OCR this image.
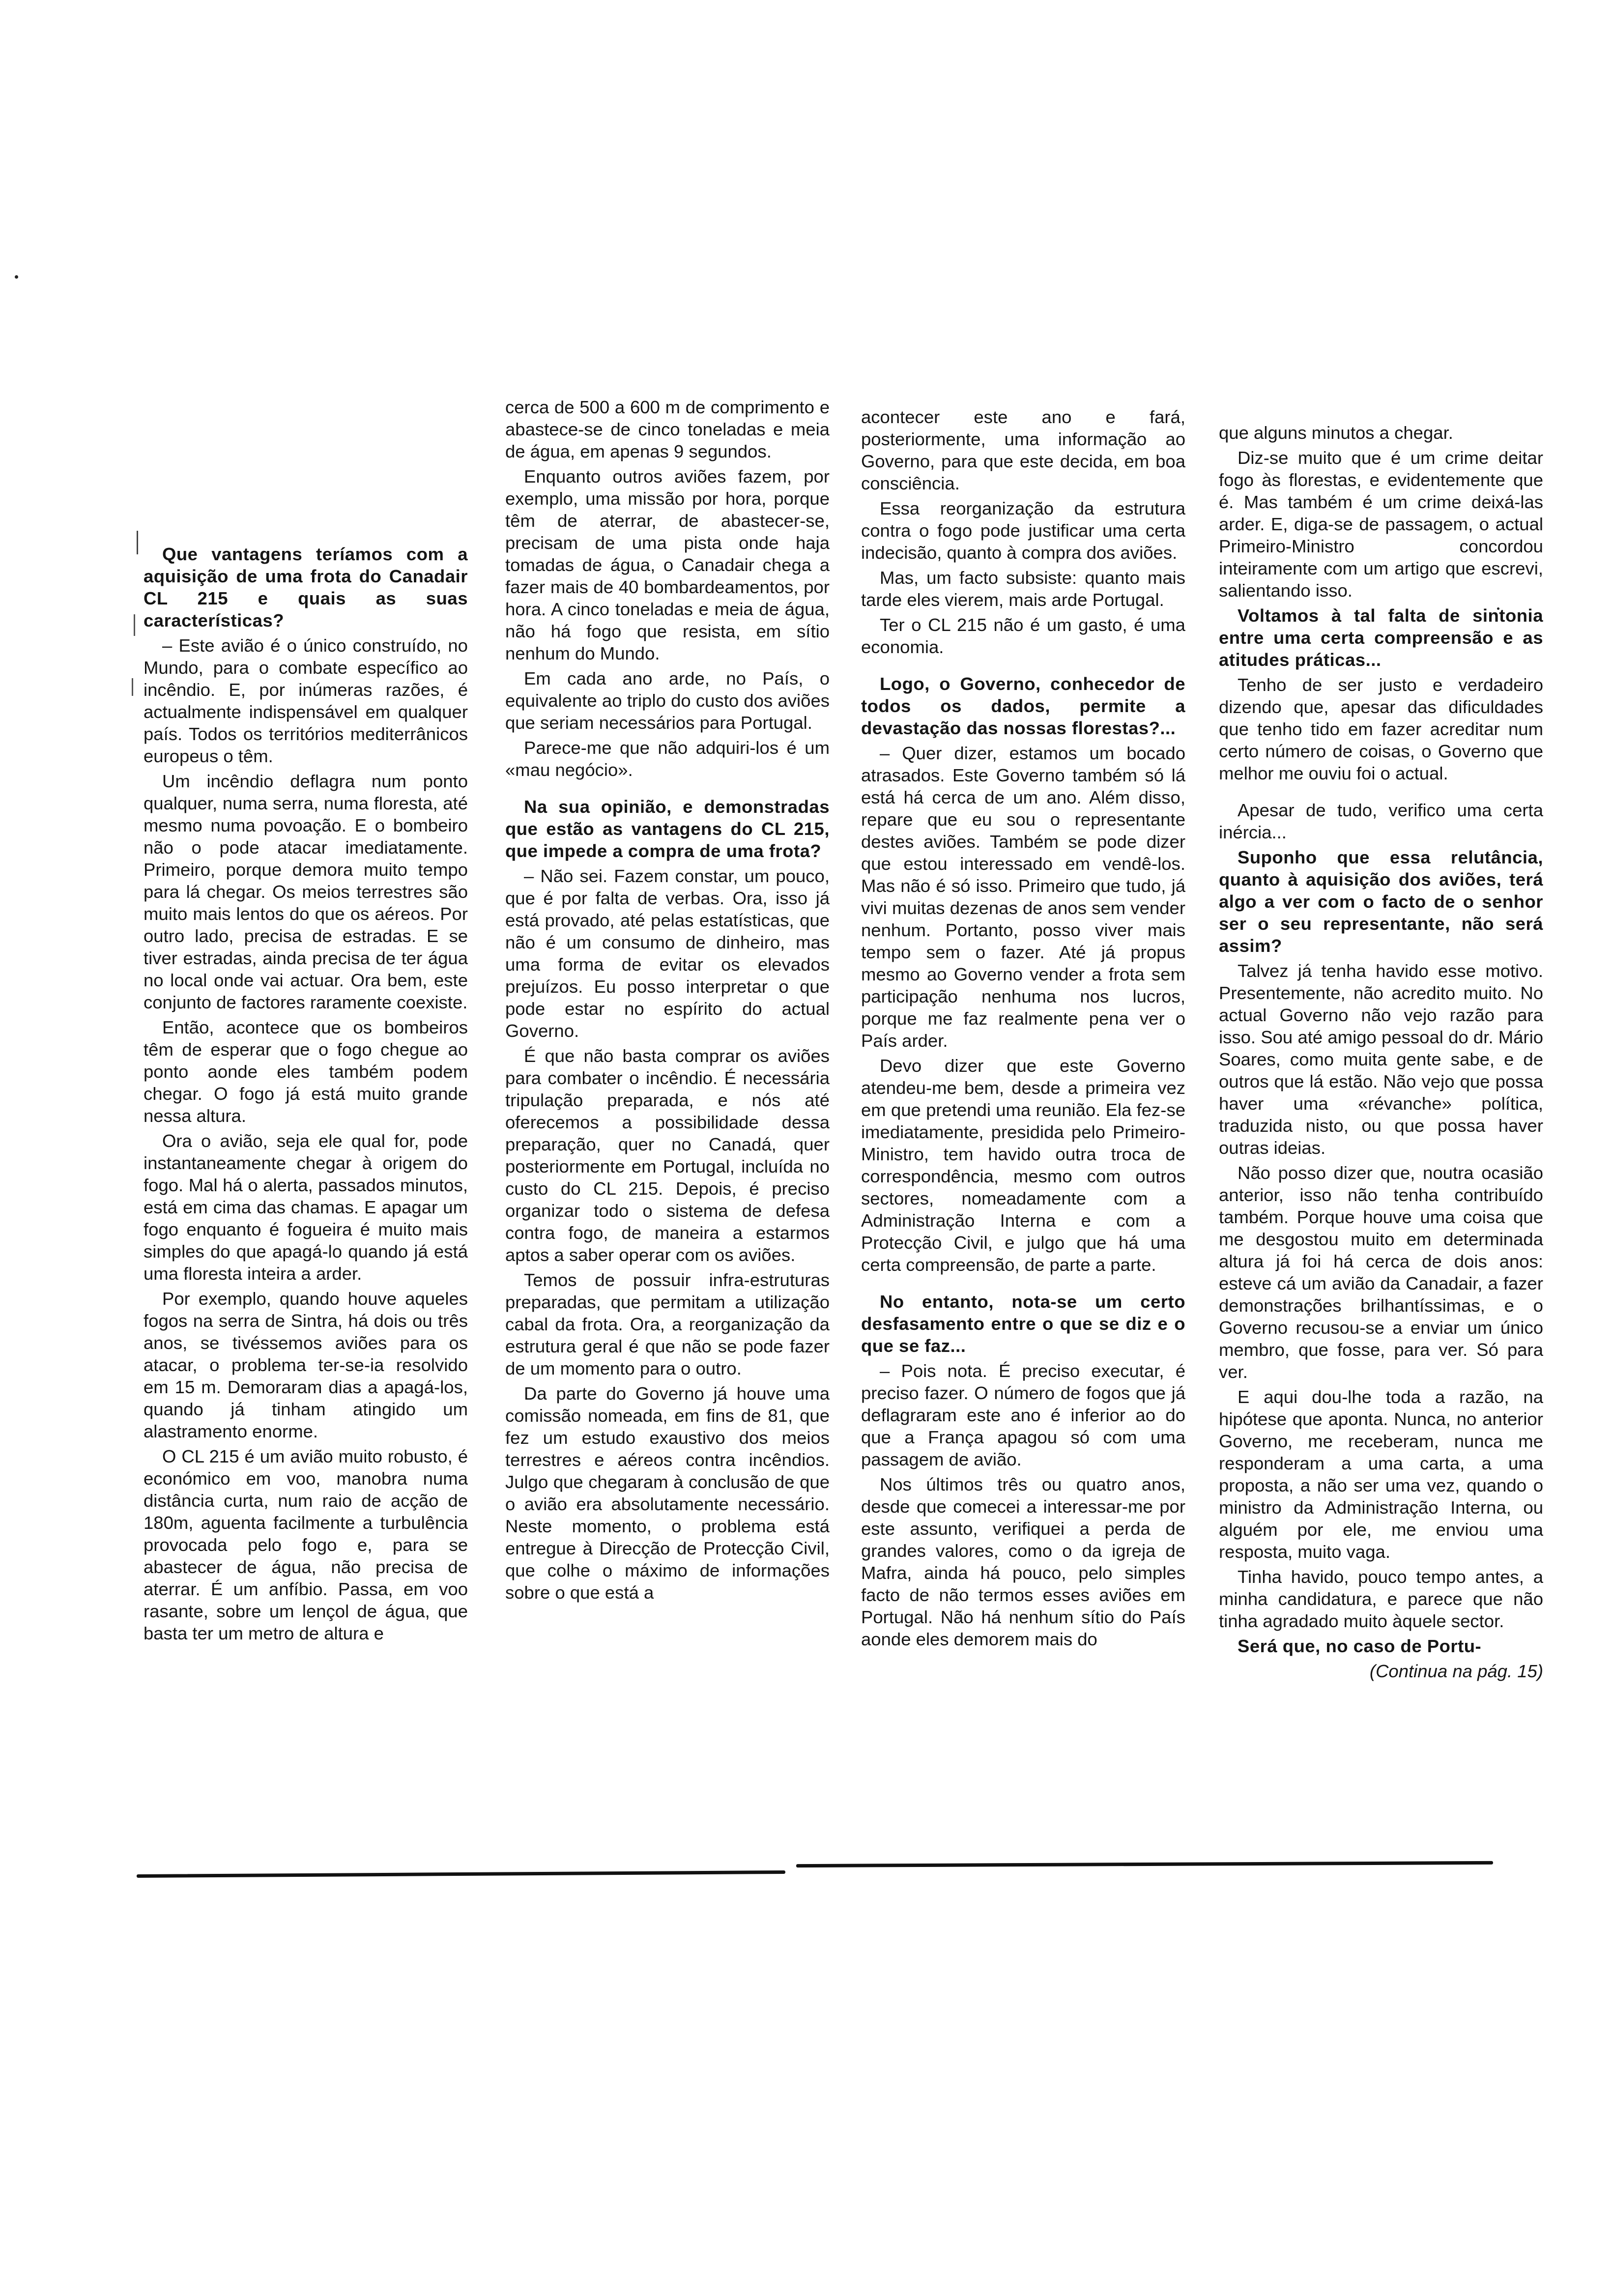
Que vantagens teríamos com a aquisição de uma frota do Canadair CL 215 e quais as suas características?

– Este avião é o único construído, no Mundo, para o combate específico ao incêndio. E, por inúmeras razões, é actualmente indispensável em qualquer país. Todos os territórios mediterrânicos europeus o têm.

Um incêndio deflagra num ponto qualquer, numa serra, numa floresta, até mesmo numa povoação. E o bombeiro não o pode atacar imediatamente. Primeiro, porque demora muito tempo para lá chegar. Os meios terrestres são muito mais lentos do que os aéreos. Por outro lado, precisa de estradas. E se tiver estradas, ainda precisa de ter água no local onde vai actuar. Ora bem, este conjunto de factores raramente coexiste.

Então, acontece que os bombeiros têm de esperar que o fogo chegue ao ponto aonde eles também podem chegar. O fogo já está muito grande nessa altura.

Ora o avião, seja ele qual for, pode instantaneamente chegar à origem do fogo. Mal há o alerta, passados minutos, está em cima das chamas. E apagar um fogo enquanto é fogueira é muito mais simples do que apagá-lo quando já está uma floresta inteira a arder.

Por exemplo, quando houve aqueles fogos na serra de Sintra, há dois ou três anos, se tivéssemos aviões para os atacar, o problema ter-se-ia resolvido em 15 m. Demoraram dias a apagá-los, quando já tinham atingido um alastramento enorme.

O CL 215 é um avião muito robusto, é económico em voo, manobra numa distância curta, num raio de acção de 180m, aguenta facilmente a turbulência provocada pelo fogo e, para se abastecer de água, não precisa de aterrar. É um anfíbio. Passa, em voo rasante, sobre um lençol de água, que basta ter um metro de altura e

cerca de 500 a 600 m de comprimento e abastece-se de cinco toneladas e meia de água, em apenas 9 segundos.

Enquanto outros aviões fazem, por exemplo, uma missão por hora, porque têm de aterrar, de abastecer-se, precisam de uma pista onde haja tomadas de água, o Canadair chega a fazer mais de 40 bombardeamentos, por hora. A cinco toneladas e meia de água, não há fogo que resista, em sítio nenhum do Mundo.

Em cada ano arde, no País, o equivalente ao triplo do custo dos aviões que seriam necessários para Portugal.

Parece-me que não adquiri-los é um «mau negócio».

Na sua opinião, e demonstradas que estão as vantagens do CL 215, que impede a compra de uma frota?

– Não sei. Fazem constar, um pouco, que é por falta de verbas. Ora, isso já está provado, até pelas estatísticas, que não é um consumo de dinheiro, mas uma forma de evitar os elevados prejuízos. Eu posso interpretar o que pode estar no espírito do actual Governo.

É que não basta comprar os aviões para combater o incêndio. É necessária tripulação preparada, e nós até oferecemos a possibilidade dessa preparação, quer no Canadá, quer posteriormente em Portugal, incluída no custo do CL 215. Depois, é preciso organizar todo o sistema de defesa contra fogo, de maneira a estarmos aptos a saber operar com os aviões.

Temos de possuir infra-estruturas preparadas, que permitam a utilização cabal da frota. Ora, a reorganização da estrutura geral é que não se pode fazer de um momento para o outro.

Da parte do Governo já houve uma comissão nomeada, em fins de 81, que fez um estudo exaustivo dos meios terrestres e aéreos contra incêndios. Julgo que chegaram à conclusão de que o avião era absolutamente necessário. Neste momento, o problema está entregue à Direcção de Protecção Civil, que colhe o máximo de informações sobre o que está a

acontecer este ano e fará, posteriormente, uma informação ao Governo, para que este decida, em boa consciência.

Essa reorganização da estrutura contra o fogo pode justificar uma certa indecisão, quanto à compra dos aviões.

Mas, um facto subsiste: quanto mais tarde eles vierem, mais arde Portugal.

Ter o CL 215 não é um gasto, é uma economia.

Logo, o Governo, conhecedor de todos os dados, permite a devastação das nossas florestas?...

– Quer dizer, estamos um bocado atrasados. Este Governo também só lá está há cerca de um ano. Além disso, repare que eu sou o representante destes aviões. Também se pode dizer que estou interessado em vendê-los. Mas não é só isso. Primeiro que tudo, já vivi muitas dezenas de anos sem vender nenhum. Portanto, posso viver mais tempo sem o fazer. Até já propus mesmo ao Governo vender a frota sem participação nenhuma nos lucros, porque me faz realmente pena ver o País arder.

Devo dizer que este Governo atendeu-me bem, desde a primeira vez em que pretendi uma reunião. Ela fez-se imediatamente, presidida pelo Primeiro-Ministro, tem havido outra troca de correspondência, mesmo com outros sectores, nomeadamente com a Administração Interna e com a Protecção Civil, e julgo que há uma certa compreensão, de parte a parte.

No entanto, nota-se um certo desfasamento entre o que se diz e o que se faz...

– Pois nota. É preciso executar, é preciso fazer. O número de fogos que já deflagraram este ano é inferior ao do que a França apagou só com uma passagem de avião.

Nos últimos três ou quatro anos, desde que comecei a interessar-me por este assunto, verifiquei a perda de grandes valores, como o da igreja de Mafra, ainda há pouco, pelo simples facto de não termos esses aviões em Portugal. Não há nenhum sítio do País aonde eles demorem mais do

que alguns minutos a chegar.

Diz-se muito que é um crime deitar fogo às florestas, e evidentemente que é. Mas também é um crime deixá-las arder. E, diga-se de passagem, o actual Primeiro-Ministro concordou inteiramente com um artigo que escrevi, salientando isso.

Voltamos à tal falta de sintonia entre uma certa compreensão e as atitudes práticas...

Tenho de ser justo e verdadeiro dizendo que, apesar das dificuldades que tenho tido em fazer acreditar num certo número de coisas, o Governo que melhor me ouviu foi o actual.

Apesar de tudo, verifico uma certa inércia...

Suponho que essa relutância, quanto à aquisição dos aviões, terá algo a ver com o facto de o senhor ser o seu representante, não será assim?

Talvez já tenha havido esse motivo. Presentemente, não acredito muito. No actual Governo não vejo razão para isso. Sou até amigo pessoal do dr. Mário Soares, como muita gente sabe, e de outros que lá estão. Não vejo que possa haver uma «révanche» política, traduzida nisto, ou que possa haver outras ideias.

Não posso dizer que, noutra ocasião anterior, isso não tenha contribuído também. Porque houve uma coisa que me desgostou muito em determinada altura já foi há cerca de dois anos: esteve cá um avião da Canadair, a fazer demonstrações brilhantíssimas, e o Governo recusou-se a enviar um único membro, que fosse, para ver. Só para ver.

E aqui dou-lhe toda a razão, na hipótese que aponta. Nunca, no anterior Governo, me receberam, nunca me responderam a uma carta, a uma proposta, a não ser uma vez, quando o ministro da Administração Interna, ou alguém por ele, me enviou uma resposta, muito vaga.

Tinha havido, pouco tempo antes, a minha candidatura, e parece que não tinha agradado muito àquele sector.

Será que, no caso de Portu-

(Continua na pág. 15)
